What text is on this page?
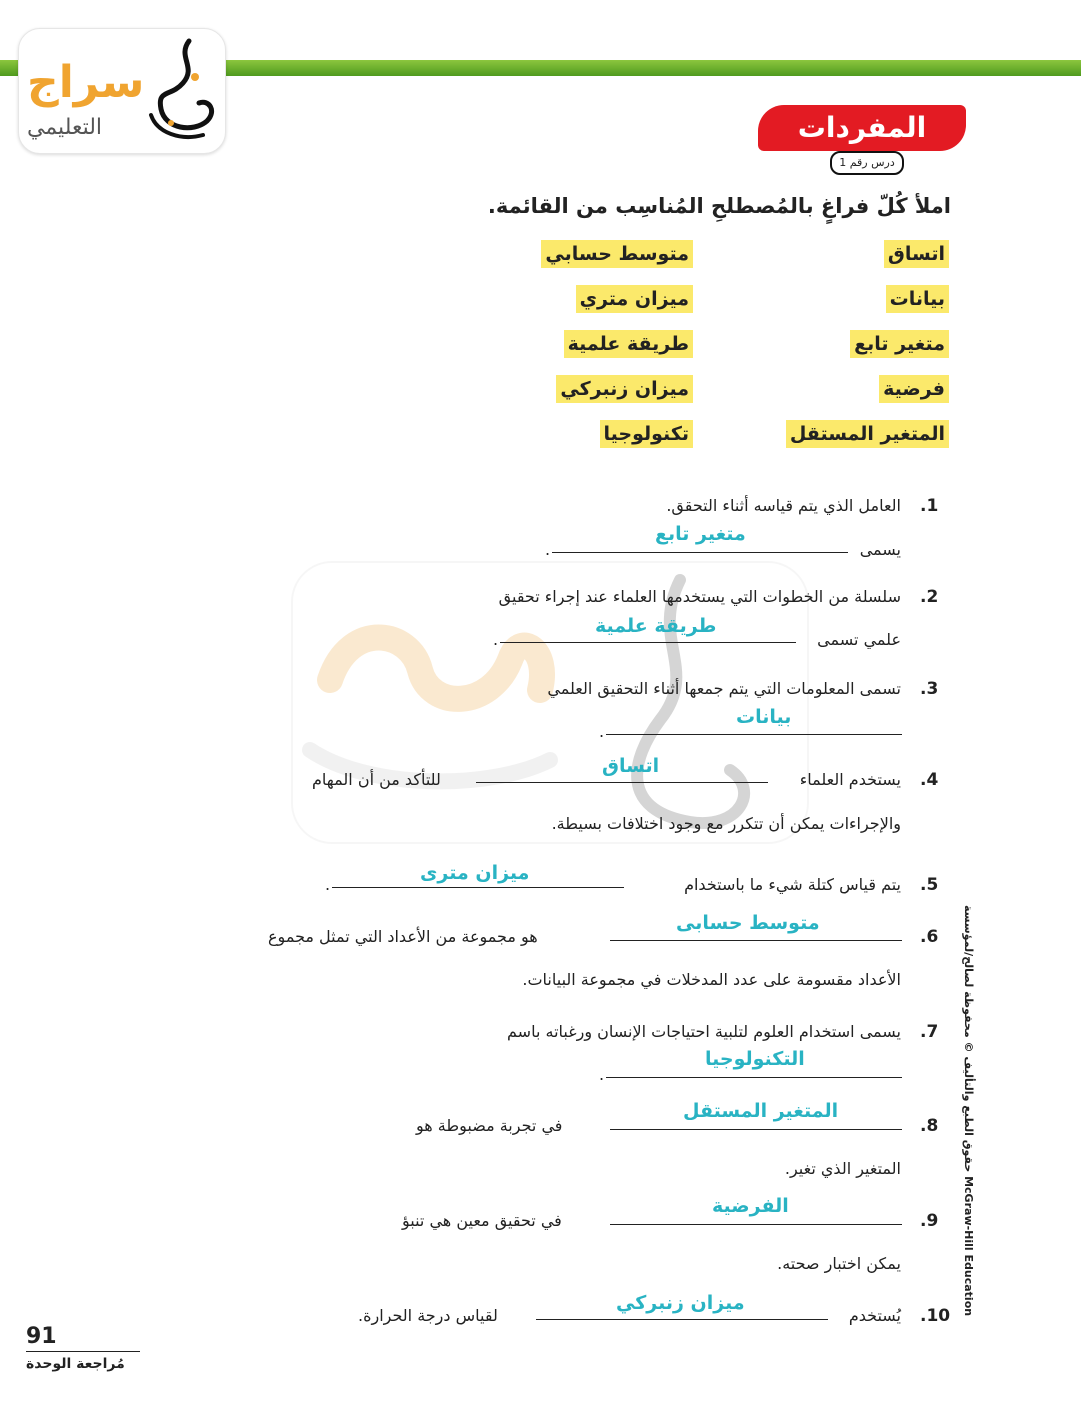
سراج
التعليمي	المفردات
درس رقم 1
املأ كُلّ فراغٍ بالمُصطلحِ المُناسِب من القائمة.
اتساق
بيانات
متغير تابع
فرضية
المتغير المستقل
متوسط حسابي
ميزان متري
طريقة علمية
ميزان زنبركي
تكنولوجيا
.1
العامل الذي يتم قياسه أثناء التحقق.
يسمى
.
متغير تابع
.2
سلسلة من الخطوات التي يستخدمها العلماء عند إجراء تحقيق
علمي تسمى
.
طريقة علمية
.3
تسمى المعلومات التي يتم جمعها أثناء التحقيق العلمي
.
بيانات
.4
يستخدم العلماء
للتأكد من أن المهام
والإجراءات يمكن أن تتكرر مع وجود اختلافات بسيطة.
اتساق
.5
يتم قياس كتلة شيء ما باستخدام
.
ميزان مترى
.6
هو مجموعة من الأعداد التي تمثل مجموع
الأعداد مقسومة على عدد المدخلات في مجموعة البيانات.
متوسط حسابى
.7
يسمى استخدام العلوم لتلبية احتياجات الإنسان ورغباته باسم
.
التكنولوجيا
.8
في تجربة مضبوطة هو
المتغير الذي تغير.
المتغير المستقل
.9
في تحقيق معين هي تنبؤ
يمكن اختبار صحته.
الفرضية
.10
يُستخدم
لقياس درجة الحرارة.
ميزان زنبركي
حقوق الطبع والتأليف © محفوظة لصالح/لمؤسسة McGraw-Hill Education
91
مُراجعة الوحدة
